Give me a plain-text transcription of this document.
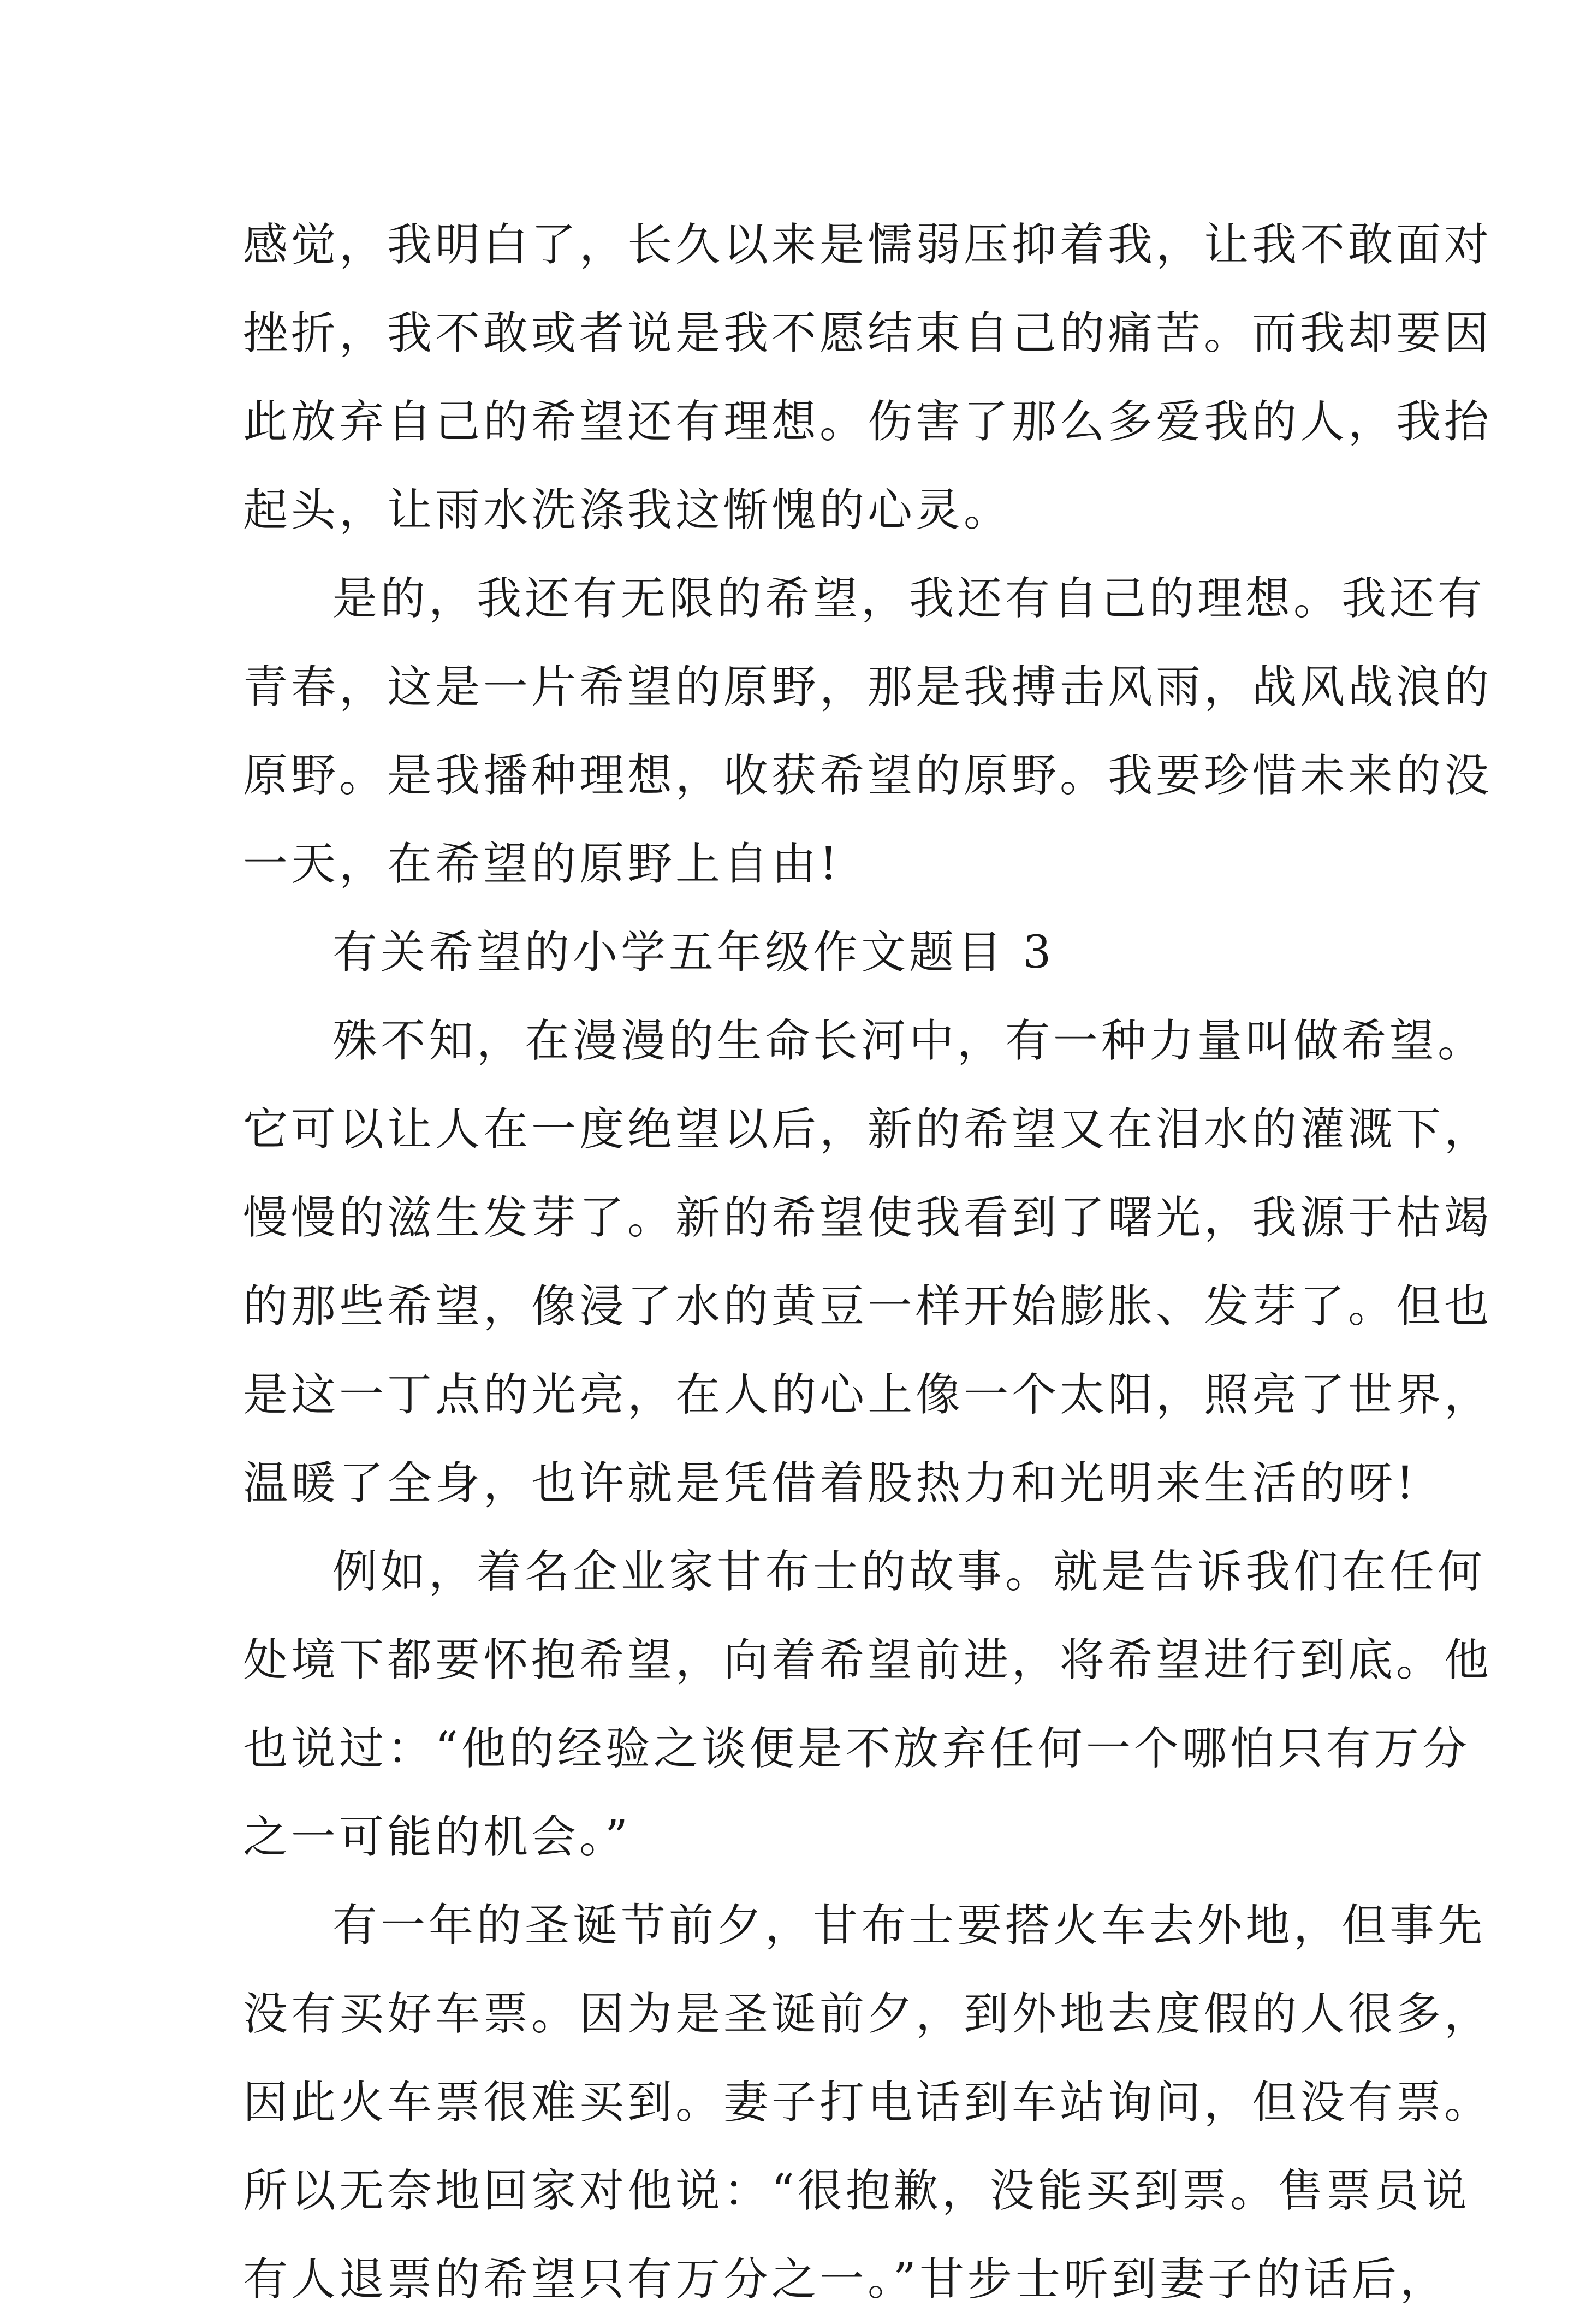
感觉，我明白了，长久以来是懦弱压抑着我，让我不敢面对
挫折，我不敢或者说是我不愿结束自己的痛苦。而我却要因
此放弃自己的希望还有理想。伤害了那么多爱我的人，我抬
起头，让雨水洗涤我这惭愧的心灵。
是的，我还有无限的希望，我还有自己的理想。我还有
青春，这是一片希望的原野，那是我搏击风雨，战风战浪的
原野。是我播种理想，收获希望的原野。我要珍惜未来的没
一天，在希望的原野上自由!
有关希望的小学五年级作文题目 3
殊不知，在漫漫的生命长河中，有一种力量叫做希望。
它可以让人在一度绝望以后，新的希望又在泪水的灌溉下，
慢慢的滋生发芽了。新的希望使我看到了曙光，我源于枯竭
的那些希望，像浸了水的黄豆一样开始膨胀、发芽了。但也
是这一丁点的光亮，在人的心上像一个太阳，照亮了世界，
温暖了全身，也许就是凭借着股热力和光明来生活的呀!
例如，着名企业家甘布士的故事。就是告诉我们在任何
处境下都要怀抱希望，向着希望前进，将希望进行到底。他
也说过：“他的经验之谈便是不放弃任何一个哪怕只有万分
之一可能的机会。”
有一年的圣诞节前夕，甘布士要搭火车去外地，但事先
没有买好车票。因为是圣诞前夕，到外地去度假的人很多，
因此火车票很难买到。妻子打电话到车站询问，但没有票。
所以无奈地回家对他说：“很抱歉，没能买到票。售票员说
有人退票的希望只有万分之一。”甘步士听到妻子的话后，
